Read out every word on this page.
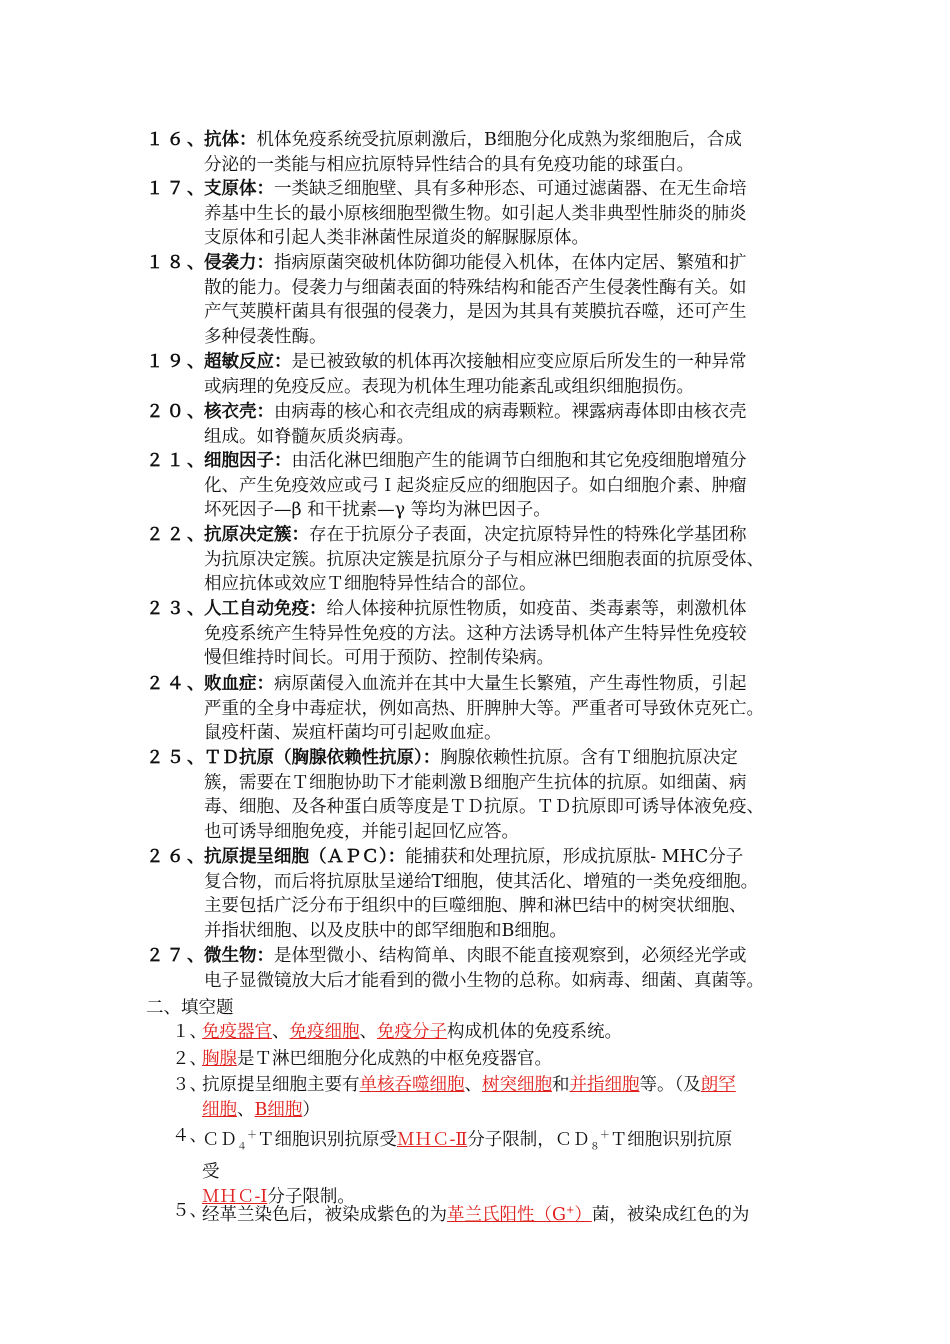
１６、
抗体：机体免疫系统受抗原刺激后，B细胞分化成熟为浆细胞后，合成
分泌的一类能与相应抗原特异性结合的具有免疫功能的球蛋白。
１７、
支原体：一类缺乏细胞壁、具有多种形态、可通过滤菌器、在无生命培
养基中生长的最小原核细胞型微生物。如引起人类非典型性肺炎的肺炎
支原体和引起人类非淋菌性尿道炎的解脲脲原体。
１８、
侵袭力：指病原菌突破机体防御功能侵入机体，在体内定居、繁殖和扩
散的能力。侵袭力与细菌表面的特殊结构和能否产生侵袭性酶有关。如
产气荚膜杆菌具有很强的侵袭力，是因为其具有荚膜抗吞噬，还可产生
多种侵袭性酶。
１９、
超敏反应：是已被致敏的机体再次接触相应变应原后所发生的一种异常
或病理的免疫反应。表现为机体生理功能紊乱或组织细胞损伤。
２０、
核衣壳：由病毒的核心和衣壳组成的病毒颗粒。裸露病毒体即由核衣壳
组成。如脊髓灰质炎病毒。
２１、
细胞因子：由活化淋巴细胞产生的能调节白细胞和其它免疫细胞增殖分
化、产生免疫效应或弓Ｉ起炎症反应的细胞因子。如白细胞介素、肿瘤
坏死因子—β 和干扰素—γ 等均为淋巴因子。
２２、
抗原决定簇：存在于抗原分子表面，决定抗原特异性的特殊化学基团称
为抗原决定簇。抗原决定簇是抗原分子与相应淋巴细胞表面的抗原受体、
相应抗体或效应Ｔ细胞特异性结合的部位。
２３、
人工自动免疫：给人体接种抗原性物质，如疫苗、类毒素等，刺激机体
免疫系统产生特异性免疫的方法。这种方法诱导机体产生特异性免疫较
慢但维持时间长。可用于预防、控制传染病。
２４、
败血症：病原菌侵入血流并在其中大量生长繁殖，产生毒性物质，引起
严重的全身中毒症状，例如高热、肝脾肿大等。严重者可导致休克死亡。
鼠疫杆菌、炭疽杆菌均可引起败血症。
２５、
ＴＤ抗原（胸腺依赖性抗原）：胸腺依赖性抗原。含有Ｔ细胞抗原决定
簇，需要在Ｔ细胞协助下才能刺激Ｂ细胞产生抗体的抗原。如细菌、病
毒、细胞、及各种蛋白质等度是ＴＤ抗原。ＴＤ抗原即可诱导体液免疫、
也可诱导细胞免疫，并能引起回忆应答。
２６、
抗原提呈细胞（ＡＰＣ）：能捕获和处理抗原，形成抗原肽- MHC分子
复合物，而后将抗原肽呈递给T细胞，使其活化、增殖的一类免疫细胞。
主要包括广泛分布于组织中的巨噬细胞、脾和淋巴结中的树突状细胞、
并指状细胞、以及皮肤中的郎罕细胞和B细胞。
２７、
微生物：是体型微小、结构简单、肉眼不能直接观察到，必须经光学或
电子显微镜放大后才能看到的微小生物的总称。如病毒、细菌、真菌等。
二、填空题
１、
免疫器官、免疫细胞、免疫分子构成机体的免疫系统。
２、
胸腺是Ｔ淋巴细胞分化成熟的中枢免疫器官。
３、
抗原提呈细胞主要有单核吞噬细胞、树突细胞和并指细胞等。（及朗罕
细胞、B细胞）
４、
ＣＤ$_4$＋Ｔ细胞识别抗原受ＭＨＣ-Ⅱ分子限制，ＣＤ$_8$＋Ｔ细胞识别抗原
受
ＭＨＣ-Ⅰ分子限制。
５、
经革兰染色后，被染成紫色的为革兰氏阳性（G+）菌，被染成红色的为
